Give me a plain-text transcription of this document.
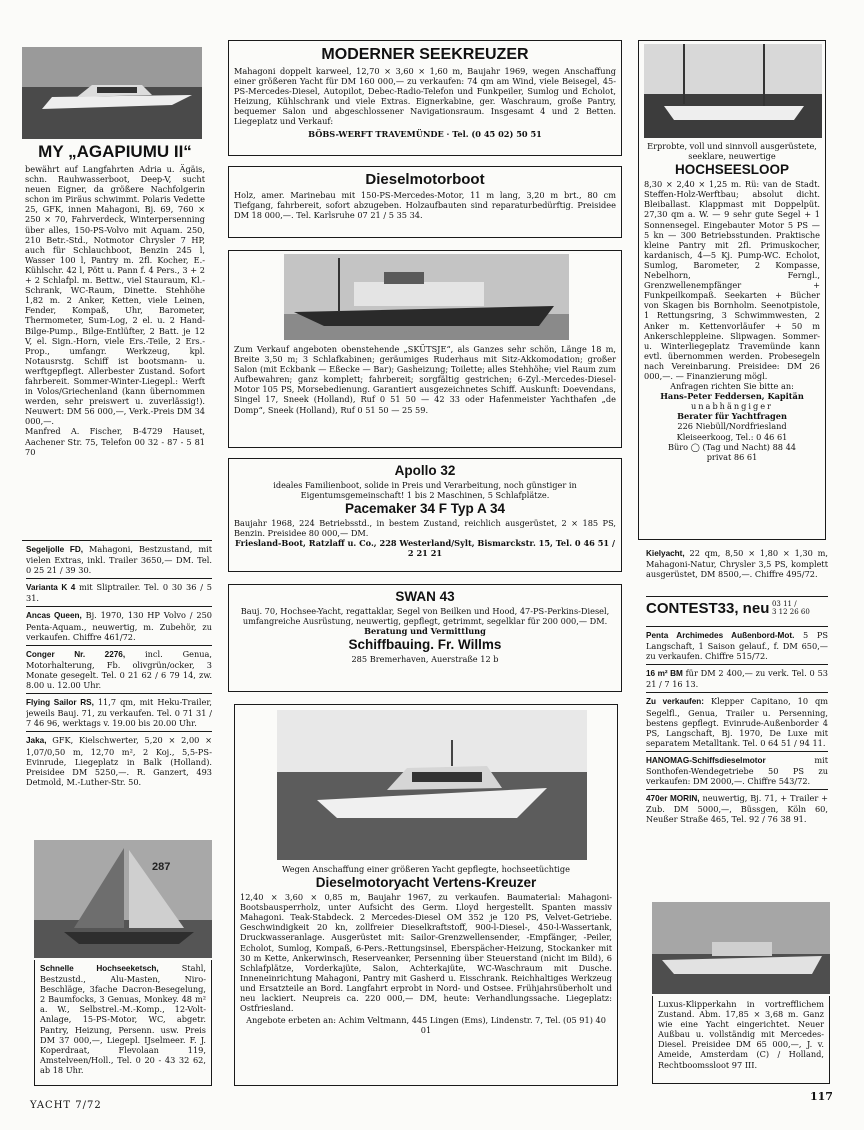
MY „AGAPIUMU II“
bewährt auf Langfahrten Adria u. Ägäis, schn. Rauhwasserboot, Deep-V, sucht neuen Eigner, da größere Nachfolgerin schon im Piräus schwimmt. Polaris Vedette 25, GFK, innen Mahagoni, Bj. 69, 760 × 250 × 70, Fahrverdeck, Winterpersenning über alles, 150-PS-Volvo mit Aquam. 250, 210 Betr.-Std., Notmotor Chrysler 7 HP, auch für Schlauchboot, Benzin 245 l, Wasser 100 l, Pantry m. 2fl. Kocher, E.-Kühlschr. 42 l, Pött u. Pann f. 4 Pers., 3 + 2 + 2 Schlafpl. m. Bettw., viel Stauraum, Kl.-Schrank, WC-Raum, Dinette. Stehhöhe 1,82 m. 2 Anker, Ketten, viele Leinen, Fender, Kompaß, Uhr, Barometer, Thermometer, Sum-Log, 2 el. u. 2 Hand-Bilge-Pump., Bilge-Entlüfter, 2 Batt. je 12 V, el. Sign.-Horn, viele Ers.-Teile, 2 Ers.-Prop., umfangr. Werkzeug, kpl. Notausrstg. Schiff ist bootsmann- u. werftgepflegt. Allerbester Zustand. Sofort fahrbereit. Sommer-Winter-Liegepl.: Werft in Volos/Griechenland (kann übernommen werden, sehr preiswert u. zuverlässig!). Neuwert: DM 56 000,—, Verk.-Preis DM 34 000,—.
Manfred A. Fischer, B-4729 Hauset, Aachener Str. 75, Telefon 00 32 - 87 - 5 81 70
Segeljolle FD, Mahagoni, Bestzustand, mit vielen Extras, inkl. Trailer 3650,— DM. Tel. 0 25 21 / 39 30.
Varianta K 4 mit Sliptrailer. Tel. 0 30 36 / 5 31.
Ancas Queen, Bj. 1970, 130 HP Volvo / 250 Penta-Aquam., neuwertig, m. Zubehör, zu verkaufen. Chiffre 461/72.
Conger Nr. 2276, incl. Genua, Motorhalterung, Fb. olivgrün/ocker, 3 Monate gesegelt. Tel. 0 21 62 / 6 79 14, zw. 8.00 u. 12.00 Uhr.
Flying Sailor RS, 11,7 qm, mit Heku-Trailer, jeweils Bauj. 71, zu verkaufen. Tel. 0 71 31 / 7 46 96, werktags v. 19.00 bis 20.00 Uhr.
Jaka, GFK, Kielschwerter, 5,20 × 2,00 × 1,07/0,50 m, 12,70 m², 2 Koj., 5,5-PS-Evinrude, Liegeplatz in Balk (Holland). Preisidee DM 5250,—. R. Ganzert, 493 Detmold, M.-Luther-Str. 50.
287
Schnelle Hochseeketsch, Stahl, Bestzustd., Alu-Masten, Niro-Beschläge, 3fache Dacron-Besegelung, 2 Baumfocks, 3 Genuas, Monkey. 48 m² a. W., Selbstrel.-M.-Komp., 12-Volt-Anlage, 15-PS-Motor, WC, abgetr. Pantry, Heizung, Persenn. usw. Preis DM 37 000,—, Liegepl. IJselmeer. F. J. Koperdraat, Flevolaan 119, Amstelveen/Holl., Tel. 0 20 - 43 32 62, ab 18 Uhr.
MODERNER SEEKREUZER
Mahagoni doppelt karweel, 12,70 × 3,60 × 1,60 m, Baujahr 1969, wegen Anschaffung einer größeren Yacht für DM 160 000,— zu verkaufen: 74 qm am Wind, viele Beisegel, 45-PS-Mercedes-Diesel, Autopilot, Debec-Radio-Telefon und Funkpeiler, Sumlog und Echolot, Heizung, Kühlschrank und viele Extras. Eignerkabine, ger. Waschraum, große Pantry, bequemer Salon und abgeschlossener Navigationsraum. Insgesamt 4 und 2 Betten. Liegeplatz und Verkauf:
BÖBS-WERFT TRAVEMÜNDE · Tel. (0 45 02) 50 51
Dieselmotorboot
Holz, amer. Marinebau mit 150-PS-Mercedes-Motor, 11 m lang, 3,20 m brt., 80 cm Tiefgang, fahrbereit, sofort abzugeben. Holzaufbauten sind reparaturbedürftig. Preisidee DM 18 000,—. Tel. Karlsruhe 07 21 / 5 35 34.
Zum Verkauf angeboten obenstehende „SKÜTSJE“, als Ganzes sehr schön, Länge 18 m, Breite 3,50 m; 3 Schlafkabinen; geräumiges Ruderhaus mit Sitz-Akkomodation; großer Salon (mit Eckbank — Eßecke — Bar); Gasheizung; Toilette; alles Stehhöhe; viel Raum zum Aufbewahren; ganz komplett; fahrbereit; sorgfältig gestrichen; 6-Zyl.-Mercedes-Diesel-Motor 105 PS, Morsebedienung. Garantiert ausgezeichnetes Schiff. Auskunft: Doevendans, Singel 17, Sneek (Holland), Ruf 0 51 50 — 42 33 oder Hafenmeister Yachthafen „de Domp“, Sneek (Holland), Ruf 0 51 50 — 25 59.
Apollo 32
ideales Familienboot, solide in Preis und Verarbeitung, noch günstiger in Eigentumsgemeinschaft! 1 bis 2 Maschinen, 5 Schlafplätze.
Pacemaker 34 F Typ A 34
Baujahr 1968, 224 Betriebsstd., in bestem Zustand, reichlich ausgerüstet, 2 × 185 PS, Benzin. Preisidee 80 000,— DM.
Friesland-Boot, Ratzlaff u. Co., 228 Westerland/Sylt, Bismarckstr. 15, Tel. 0 46 51 / 2 21 21
SWAN 43
Bauj. 70, Hochsee-Yacht, regattaklar, Segel von Beilken und Hood, 47-PS-Perkins-Diesel, umfangreiche Ausrüstung, neuwertig, gepflegt, getrimmt, segelklar für 200 000,— DM.
Beratung und Vermittlung
Schiffbauing. Fr. Willms
285 Bremerhaven, Auerstraße 12 b
Wegen Anschaffung einer größeren Yacht gepflegte, hochseetüchtige
Dieselmotoryacht Vertens-Kreuzer
12,40 × 3,60 × 0,85 m, Baujahr 1967, zu verkaufen. Baumaterial: Mahagoni-Bootsbausperrholz, unter Aufsicht des Germ. Lloyd hergestellt. Spanten massiv Mahagoni. Teak-Stabdeck. 2 Mercedes-Diesel OM 352 je 120 PS, Velvet-Getriebe. Geschwindigkeit 20 kn, zollfreier Dieselkraftstoff, 900-l-Diesel-, 450-l-Wassertank, Druckwasseranlage. Ausgerüstet mit: Sailor-Grenzwellensender, -Empfänger, -Peiler, Echolot, Sumlog, Kompaß, 6-Pers.-Rettungsinsel, Eberspächer-Heizung, Stockanker mit 30 m Kette, Ankerwinsch, Reserveanker, Persenning über Steuerstand (nicht im Bild), 6 Schlafplätze, Vorderkajüte, Salon, Achterkajüte, WC-Waschraum mit Dusche. Inneneinrichtung Mahagoni, Pantry mit Gasherd u. Eisschrank. Reichhaltiges Werkzeug und Ersatzteile an Bord. Langfahrt erprobt in Nord- und Ostsee. Frühjahrsüberholt und neu lackiert. Neupreis ca. 220 000,— DM, heute: Verhandlungssache. Liegeplatz: Ostfriesland.
Angebote erbeten an: Achim Veltmann, 445 Lingen (Ems), Lindenstr. 7, Tel. (05 91) 40 01
Erprobte, voll und sinnvoll ausgerüstete, seeklare, neuwertige
HOCHSEESLOOP
8,30 × 2,40 × 1,25 m. Rü: van de Stadt. Steffen-Holz-Werftbau; absolut dicht. Bleiballast. Klappmast mit Doppelpüt. 27,30 qm a. W. — 9 sehr gute Segel + 1 Sonnensegel. Eingebauter Motor 5 PS — 5 kn — 300 Betriebsstunden. Praktische kleine Pantry mit 2fl. Primuskocher, kardanisch, 4—5 Kj. Pump-WC. Echolot, Sumlog, Barometer, 2 Kompasse, Nebelhorn, Ferngl., Grenzwellenempfänger + Funkpeilkompaß. Seekarten + Bücher von Skagen bis Bornholm. Seenotpistole, 1 Rettungsring, 3 Schwimmwesten, 2 Anker m. Kettenvorläufer + 50 m Ankerschleppleine. Slipwagen. Sommer- u. Winterliegeplatz Travemünde kann evtl. übernommen werden. Probesegeln nach Vereinbarung. Preisidee: DM 26 000,—. — Finanzierung mögl.
Anfragen richten Sie bitte an:
Hans-Peter Feddersen, Kapitän
unabhängiger
Berater für Yachtfragen
226 Niebüll/Nordfriesland
Kleiseerkoog, Tel.: 0 46 61
Büro ◯ (Tag und Nacht) 88 44
privat 86 61
Kielyacht, 22 qm, 8,50 × 1,80 × 1,30 m, Mahagoni-Natur, Chrysler 3,5 PS, komplett ausgerüstet, DM 8500,—. Chiffre 495/72.
CONTEST33, neu 03 11 /
3 12 26 60
Penta Archimedes Außenbord-Mot. 5 PS Langschaft, 1 Saison gelauf., f. DM 650,— zu verkaufen. Chiffre 515/72.
16 m² BM für DM 2 400,— zu verk. Tel. 0 53 21 / 7 16 13.
Zu verkaufen: Klepper Capitano, 10 qm Segelfl., Genua, Trailer u. Persenning, bestens gepflegt. Evinrude-Außenborder 4 PS, Langschaft, Bj. 1970, De Luxe mit separatem Metalltank. Tel. 0 64 51 / 94 11.
HANOMAG-Schiffsdieselmotor mit Sonthofen-Wendegetriebe 50 PS zu verkaufen: DM 2000,—. Chiffre 543/72.
470er MORIN, neuwertig, Bj. 71, + Trailer + Zub. DM 5000,—, Büssgen, Köln 60, Neußer Straße 465, Tel. 92 / 76 38 91.
Luxus-Klipperkahn in vortrefflichem Zustand. Abm. 17,85 × 3,68 m. Ganz wie eine Yacht eingerichtet. Neuer Außbau u. vollständig mit Mercedes-Diesel. Preisidee DM 65 000,—, J. v. Ameide, Amsterdam (C) / Holland, Rechtboomssloot 97 III.
YACHT 7/72
117
